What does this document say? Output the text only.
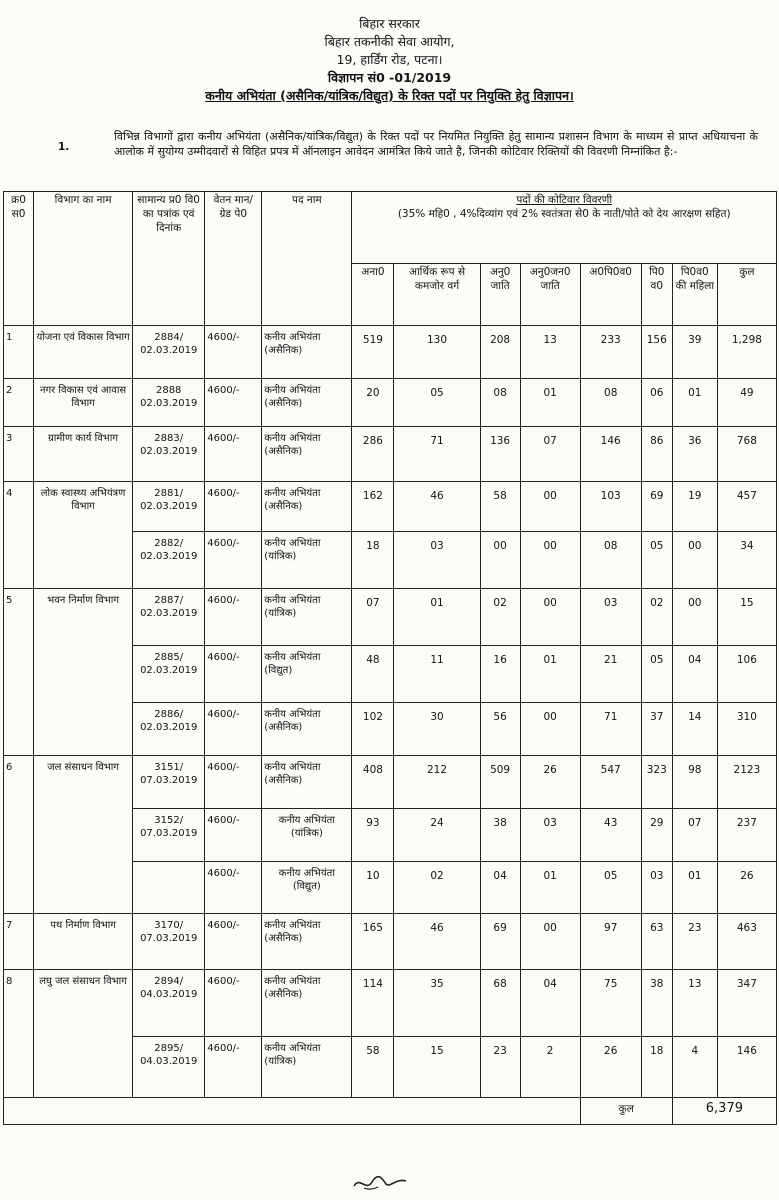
बिहार सरकार
बिहार तकनीकी सेवा आयोग,
19, हार्डिंग रोड, पटना।
विज्ञापन सं0 -01/2019
कनीय अभियंता (असैनिक/यांत्रिक/विद्युत) के रिक्त पदों पर नियुक्ति हेतु विज्ञापन।
1.
विभिन्न विभागों द्वारा कनीय अभियंता (असैनिक/यांत्रिक/विद्युत) के रिक्त पदों पर नियमित नियुक्ति हेतु सामान्य प्रशासन विभाग के माध्यम से प्राप्त अधियाचना के आलोक में सुयोग्य उम्मीदवारों से विहित प्रपत्र में ऑनलाइन आवेदन आमंत्रित किये जाते है, जिनकी कोटिवार रिक्तियों की विवरणी निम्नांकित है:-
क्र0 स0	विभाग का नाम	सामान्य प्र0 वि0 का पत्रांक एवं दिनांक	वेतन मान/ ग्रेड पे0	पद नाम	पदों की कोटिवार विवरणी
(35% महि0 , 4%दिव्यांग एवं 2% स्वतंत्रता से0 के नाती/पोते को देय आरक्षण सहित)							

					अना0	आर्थिक रूप से कमजोर वर्ग	अनु0 जाति	अनु0जन0 जाति	अ0पि0व0	पि0 व0	पि0व0 की महिला	कुल
1	योजना एवं विकास विभाग	2884/ 02.03.2019	4600/-	कनीय अभियंता (असैनिक)	519	130	208	13	233	156	39	1,298
2	नगर विकास एवं आवास विभाग	2888 02.03.2019	4600/-	कनीय अभियंता (असैनिक)	20	05	08	01	08	06	01	49
3	ग्रामीण कार्य विभाग	2883/ 02.03.2019	4600/-	कनीय अभियंता (असैनिक)	286	71	136	07	146	86	36	768
4	लोक स्वास्थ्य अभियंत्रण विभाग	2881/ 02.03.2019	4600/-	कनीय अभियंता (असैनिक)	162	46	58	00	103	69	19	457
		2882/ 02.03.2019	4600/-	कनीय अभियंता (यांत्रिक)	18	03	00	00	08	05	00	34
5	भवन निर्माण विभाग	2887/ 02.03.2019	4600/-	कनीय अभियंता (यांत्रिक)	07	01	02	00	03	02	00	15
		2885/ 02.03.2019	4600/-	कनीय अभियंता (विद्युत)	48	11	16	01	21	05	04	106
		2886/ 02.03.2019	4600/-	कनीय अभियंता (असैनिक)	102	30	56	00	71	37	14	310
6	जल संसाधन विभाग	3151/ 07.03.2019	4600/-	कनीय अभियंता (असैनिक)	408	212	509	26	547	323	98	2123
		3152/ 07.03.2019	4600/-	कनीय अभियंता (यांत्रिक)	93	24	38	03	43	29	07	237
			4600/-	कनीय अभियंता (विद्युत)	10	02	04	01	05	03	01	26
7	पथ निर्माण विभाग	3170/ 07.03.2019	4600/-	कनीय अभियंता (असैनिक)	165	46	69	00	97	63	23	463
8	लघु जल संसाधन विभाग	2894/ 04.03.2019	4600/-	कनीय अभियंता (असैनिक)	114	35	68	04	75	38	13	347
		2895/ 04.03.2019	4600/-	कनीय अभियंता (यांत्रिक)	58	15	23	2	26	18	4	146
									कुल		6,379	
